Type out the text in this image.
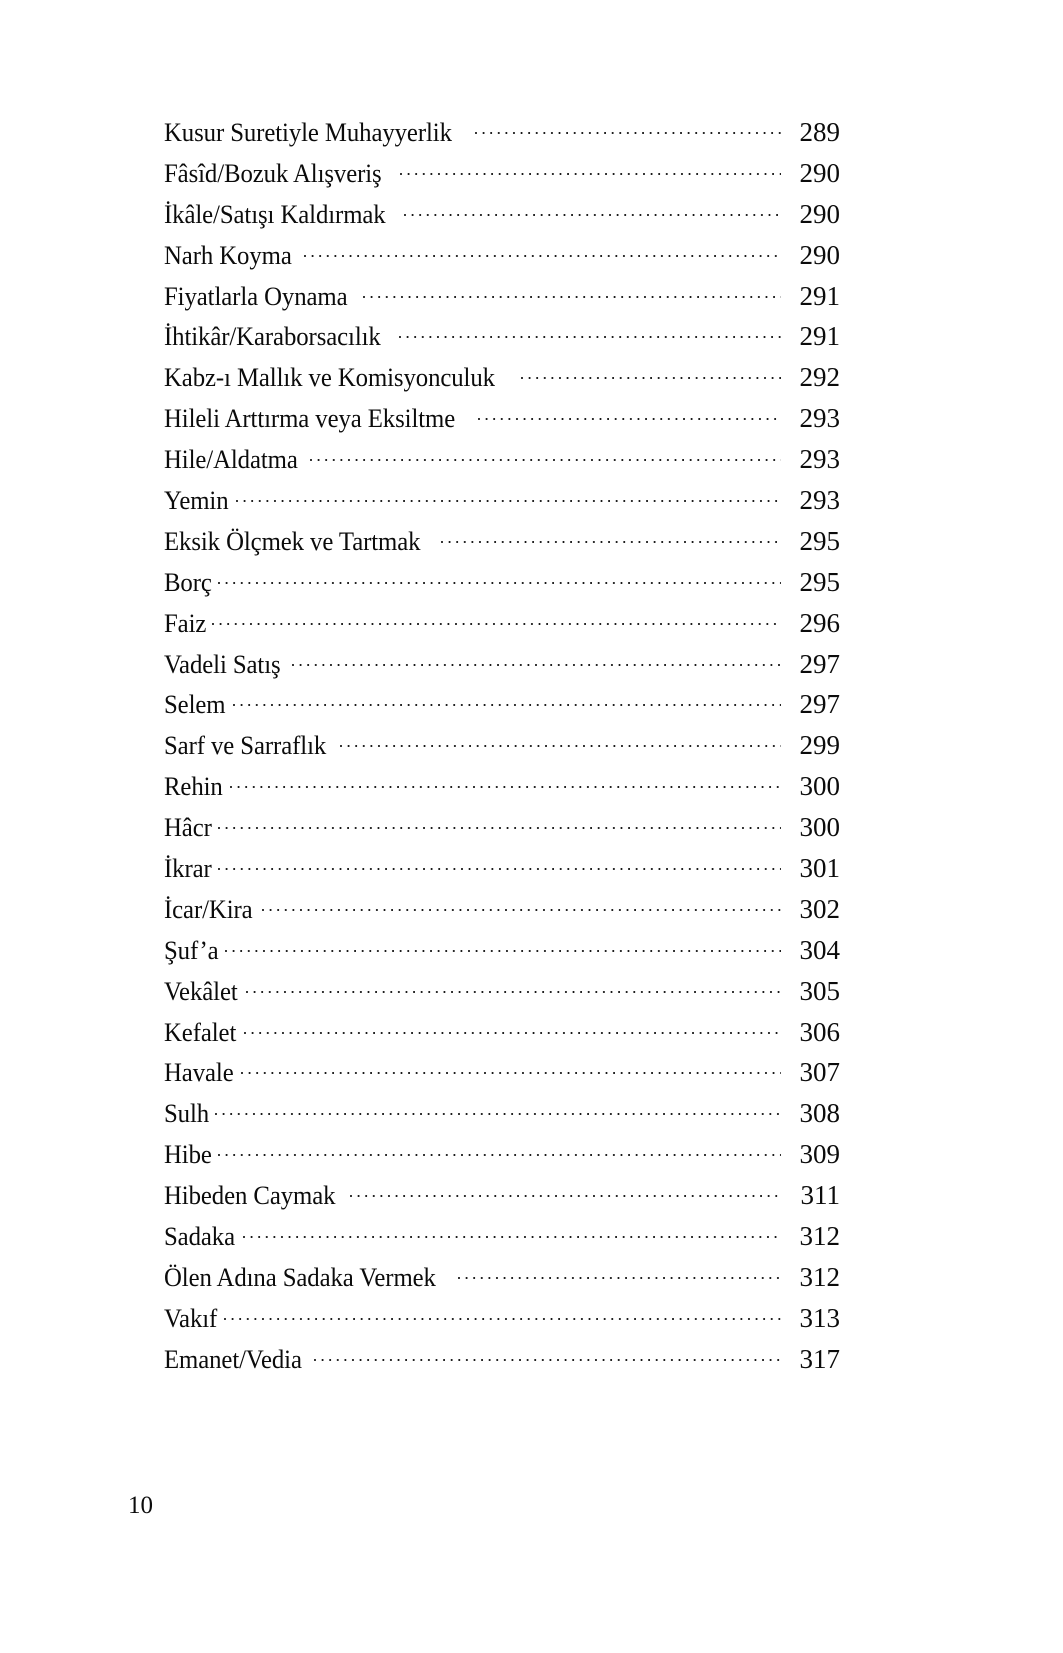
Kusur Suretiyle Muhayyerlik	289
Fâsîd/Bozuk Alışveriş	290
İkâle/Satışı Kaldırmak	290
Narh Koyma	290
Fiyatlarla Oynama	291
İhtikâr/Karaborsacılık	291
Kabz-ı Mallık ve Komisyonculuk	292
Hileli Arttırma veya Eksiltme	293
Hile/Aldatma	293
Yemin	293
Eksik Ölçmek ve Tartmak	295
Borç	295
Faiz	296
Vadeli Satış	297
Selem	297
Sarf ve Sarraflık	299
Rehin	300
Hâcr	300
İkrar	301
İcar/Kira	302
Şuf’a	304
Vekâlet	305
Kefalet	306
Havale	307
Sulh	308
Hibe	309
Hibeden Caymak	311
Sadaka	312
Ölen Adına Sadaka Vermek	312
Vakıf	313
Emanet/Vedia	317
10
